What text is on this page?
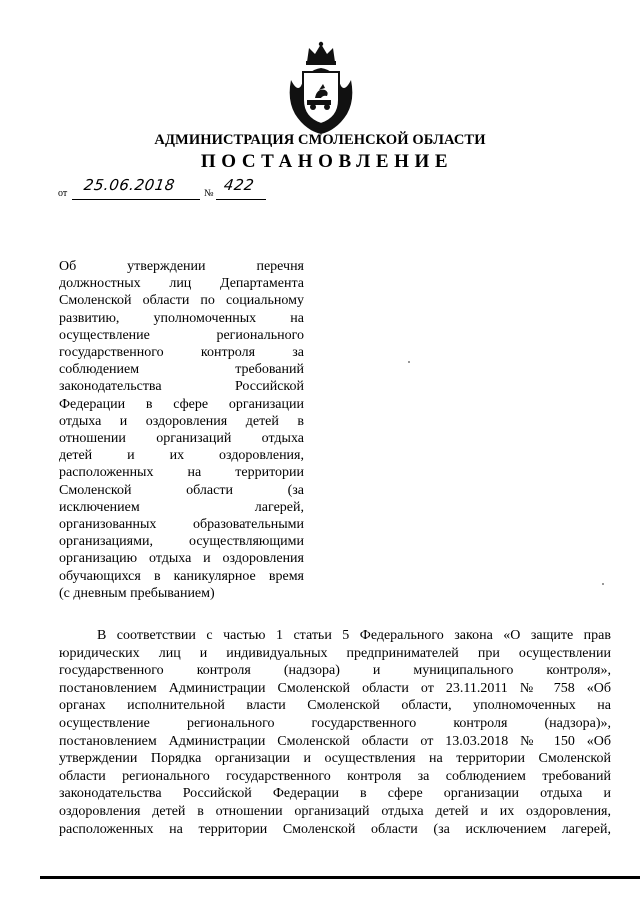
АДМИНИСТРАЦИЯ СМОЛЕНСКОЙ ОБЛАСТИ
ПОСТАНОВЛЕНИЕ
от 25.06.2018	№ 422
Об утверждении перечня
должностных лиц Департамента
Смоленской области по социальному
развитию, уполномоченных на
осуществление регионального
государственного контроля за
соблюдением требований
законодательства Российской
Федерации в сфере организации
отдыха и оздоровления детей в
отношении организаций отдыха
детей и их оздоровления,
расположенных на территории
Смоленской области (за
исключением лагерей,
организованных образовательными
организациями, осуществляющими
организацию отдыха и оздоровления
обучающихся в каникулярное время
(с дневным пребыванием)
В соответствии с частью 1 статьи 5 Федерального закона «О защите прав
юридических лиц и индивидуальных предпринимателей при осуществлении
государственного контроля (надзора) и муниципального контроля»,
постановлением Администрации Смоленской области от 23.11.2011 № 758 «Об
органах исполнительной власти Смоленской области, уполномоченных на
осуществление регионального государственного контроля (надзора)»,
постановлением Администрации Смоленской области от 13.03.2018 № 150 «Об
утверждении Порядка организации и осуществления на территории Смоленской
области регионального государственного контроля за соблюдением требований
законодательства Российской Федерации в сфере организации отдыха и
оздоровления детей в отношении организаций отдыха детей и их оздоровления,
расположенных на территории Смоленской области (за исключением лагерей,
